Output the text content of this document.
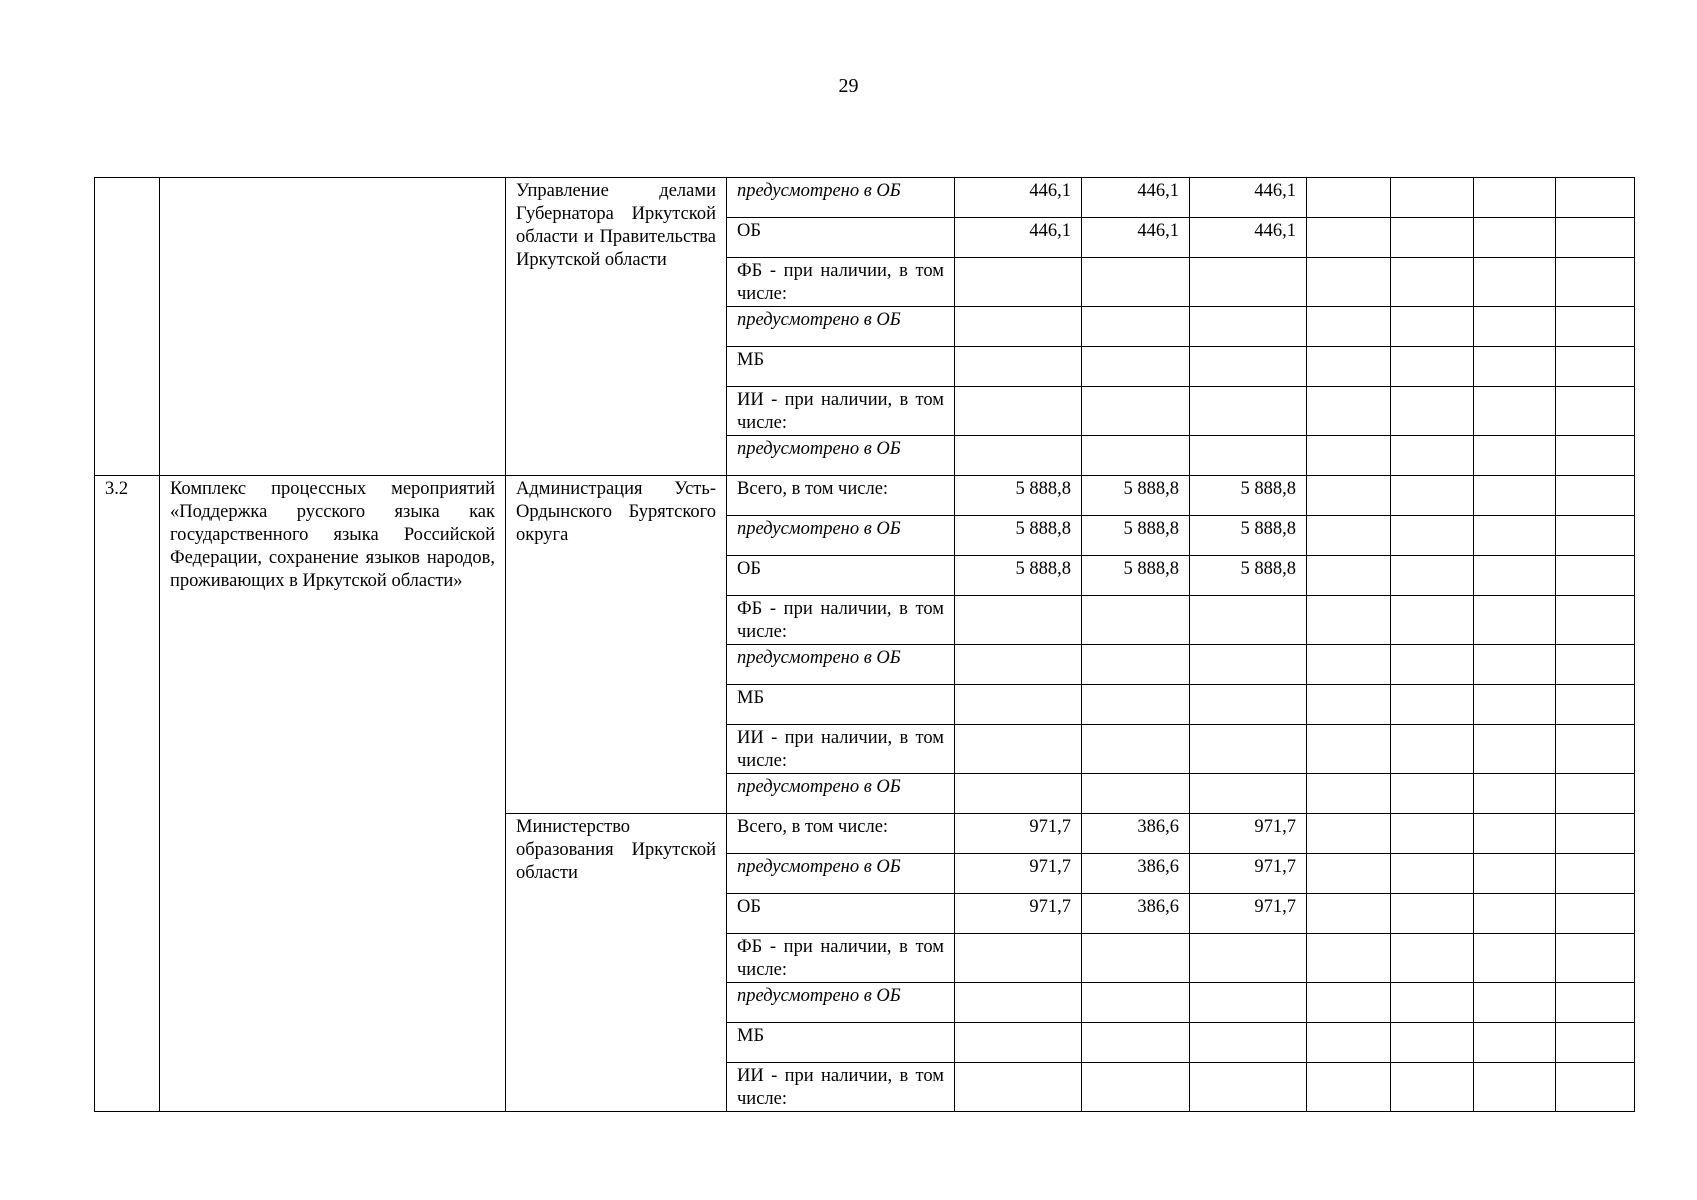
29
		Управление делами Губернатора Иркутской области и Правительства Иркутской области	предусмотрено в ОБ	446,1	446,1	446,1				

			ОБ	446,1	446,1	446,1				

			ФБ - при наличии, в том числе:							

			предусмотрено в ОБ							

			МБ							

			ИИ - при наличии, в том числе:							

			предусмотрено в ОБ							

3.2	Комплекс процессных мероприятий «Поддержка русского языка как государственного языка Российской Федерации, сохранение языков народов, проживающих в Иркутской области»	Администрация Усть-Ордынского Бурятского округа	Всего, в том числе:	5 888,8	5 888,8	5 888,8				

			предусмотрено в ОБ	5 888,8	5 888,8	5 888,8				

			ОБ	5 888,8	5 888,8	5 888,8				

			ФБ - при наличии, в том числе:							

			предусмотрено в ОБ							

			МБ							

			ИИ - при наличии, в том числе:							

			предусмотрено в ОБ							

		Министерство образования Иркутской области	Всего, в том числе:	971,7	386,6	971,7				

			предусмотрено в ОБ	971,7	386,6	971,7				

			ОБ	971,7	386,6	971,7				

			ФБ - при наличии, в том числе:							

			предусмотрено в ОБ							

			МБ							

			ИИ - при наличии, в том числе:							
